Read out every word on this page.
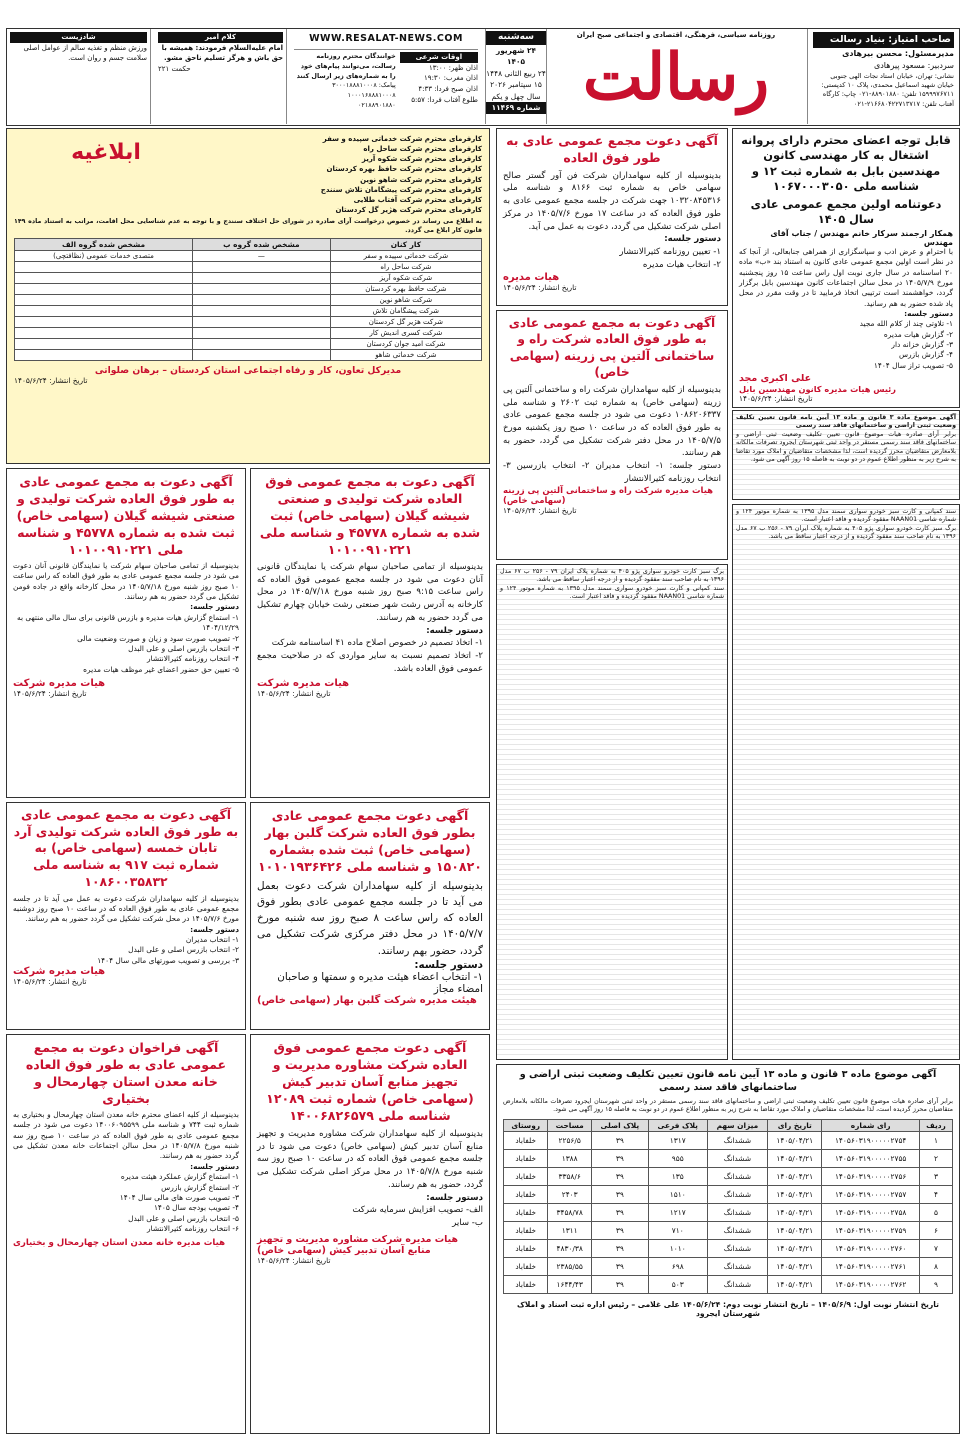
صاحب امتیاز: بنیاد رسالت
مدیرمسئول: محسن بیرهادی
سردبیر: مسعود پیرهادی
نشانی: تهران، خیابان استاد نجات الهی جنوبی خیابان شهید اسماعیل محمدی، پلاک ۱۰ کدپستی: ۱۵۹۹۹۷۶۷۱۱ تلفن: ۸۸۹۰۱۸۸۰-۰۲۱ چاپ: کارگاه آفتاب تلفن: ۲۱۶۶۸۰۴۲۲۷۱۳۷۱۷-۰۲۱
روزنامه سیاسی، فرهنگی، اقتصادی و اجتماعی صبح ایران
رسالت
سه‌شنبه
۲۴ شهریور ۱۴۰۵
۲۴ ربیع الثانی ۱۴۴۸
۱۵ سپتامبر ۲۰۲۶
سال چهل و یکم
شماره ۱۱۴۶۹
WWW.RESALAT-NEWS.COM
اوقات شرعی
اذان ظهر: ۱۳:۰۰
اذان مغرب: ۱۹:۳۰
اذان صبح فردا: ۴:۳۳
طلوع آفتاب فردا: ۵:۵۷
خوانندگان محترم روزنامه رسالت، می‌توانند پیام‌های خود را به شماره‌های زیر ارسال کنند
پیامک: ۳۰۰۰۱۸۸۸۱۰۰۰۸
۱۰۰۰۱۶۸۸۸۱۰۰۰۸
۰۲۱۸۸۹۰۱۸۸۰
کلام امیر
امام علیه‌السلام فرمودند: همیشه با حق باش و هرگز تسلیم ناحق مشو.
حکمت ۲۲۱
شادزیست
ورزش منظم و تغذیه سالم از عوامل اصلی سلامت جسم و روان است.
قابل توجه اعضای محترم دارای پروانه اشتغال به کار مهندسی کانون مهندسین بابل به شماره ثبت ۱۲ و شناسه ملی ۱۰۶۷۰۰۰۳۰۵۰
دعوتنامه اولین مجمع عمومی عادی سال ۱۴۰۵
همکار ارجمند سرکار خانم مهندس / جناب آقای مهندس
با احترام و عرض ادب و سپاسگزاری از همراهی جنابعالی، از آنجا که در نظر است اولین مجمع عمومی عادی کانون به استناد بند «ب» ماده ۲۰ اساسنامه در سال جاری نوبت اول راس ساعت ۱۵ روز پنجشنبه مورخ ۱۴۰۵/۷/۹ در محل سالن اجتماعات کانون مهندسین بابل برگزار گردد، خواهشمند است ترتیبی اتخاذ فرمایید تا در وقت مقرر در محل یاد شده حضور به هم رسانید.
دستور جلسه:
۱- تلاوتی چند از کلام الله مجید
۲- گزارش هیات مدیره
۳- گزارش خزانه دار
۴- گزارش بازرس
۵- تصویب تراز سال ۱۴۰۴
علی اکبری مجد
رئیس هیات مدیره کانون مهندسین بابل
تاریخ انتشار: ۱۴۰۵/۶/۲۴
آگهی موضوع ماده ۳ قانون و ماده ۱۳ آیین نامه قانون تعیین تکلیف وضعیت ثبتی اراضی و ساختمانهای فاقد سند رسمی
برابر آرای صادره هیات موضوع قانون تعیین تکلیف وضعیت ثبتی اراضی و ساختمانهای فاقد سند رسمی مستقر در واحد ثبتی شهرستان ایجرود تصرفات مالکانه بلامعارض متقاضیان محرز گردیده است، لذا مشخصات متقاضیان و املاک مورد تقاضا به شرح زیر به منظور اطلاع عموم در دو نوبت به فاصله ۱۵ روز آگهی می شود.
آگهی دعوت مجمع عمومی عادی به طور فوق العاده
بدینوسیله از کلیه سهامداران شرکت فن آور گستر صالح سهامی خاص به شماره ثبت ۸۱۶۶ و شناسه ملی ۱۰۳۲۰۸۴۵۳۱۶ جهت شرکت در جلسه مجمع عمومی عادی به طور فوق العاده که در ساعت ۱۷ مورخ ۱۴۰۵/۷/۶ در مرکز اصلی شرکت تشکیل می گردد، دعوت به عمل می آید.
دستور جلسه:
۱- تعیین روزنامه کثیرالانتشار
۲- انتخاب هیات مدیره
هیات مدیره
تاریخ انتشار: ۱۴۰۵/۶/۲۴
آگهی دعوت به مجمع عمومی عادی به طور فوق العاده شرکت راه و ساختمانی آلتین پی زرینه (سهامی خاص)
بدینوسیله از کلیه سهامداران شرکت راه و ساختمانی آلتین پی زرینه (سهامی خاص) به شماره ثبت ۲۶۰۲ و شناسه ملی ۱۰۸۶۲۰۶۳۳۷ دعوت می شود در جلسه مجمع عمومی عادی به طور فوق العاده که در ساعت ۱۰ صبح روز یکشنبه مورخ ۱۴۰۵/۷/۵ در محل دفتر شرکت تشکیل می گردد، حضور به هم رسانند.
دستور جلسه: ۱- انتخاب مدیران ۲- انتخاب بازرسین ۳- انتخاب روزنامه کثیرالانتشار
هیات مدیره شرکت راه و ساختمانی آلتین پی زرینه (سهامی خاص)
تاریخ انتشار: ۱۴۰۵/۶/۲۴
کارفرمای محترم شرکت خدماتی سپیده و سفر
کارفرمای محترم شرکت ساحل راه
کارفرمای محترم شرکت شکوه آریز
کارفرمای محترم شرکت حافظ بهره کردستان
کارفرمای محترم شرکت شاهو نوین
کارفرمای محترم شرکت پیشگامان تلاش سنندج
کارفرمای محترم شرکت آفتاب طلایی
کارفرمای محترم شرکت هژیر گل کردستان
ابلاغیه
به اطلاع می رساند در خصوص درخواست آرای صادره در شورای حل اختلاف سنندج و با توجه به عدم شناسایی محل اقامت، مراتب به استناد ماده ۱۴۹ قانون کار ابلاغ می گردد.
کار کنان	مشخص شده گروه ب	مشخص شده گروه الف
شرکت خدماتی سپیده و سفر	—	متصدی خدمات عمومی (نظافتچی)
شرکت ساحل راه		
شرکت شکوه آریز		
شرکت حافظ بهره کردستان		
شرکت شاهو نوین		
شرکت پیشگامان تلاش		
شرکت هژیر گل کردستان		
شرکت کسری اندیش کار		
شرکت امید جوان کردستان		
شرکت خدماتی شاهو		
مدیرکل تعاون، کار و رفاه اجتماعی استان کردستان – برهان صلواتی
تاریخ انتشار: ۱۴۰۵/۶/۲۴
آگهی دعوت به مجمع عمومی عادی به طور فوق العاده شرکت تولیدی و صنعتی شیشه گیلان (سهامی خاص) ثبت شده به شماره ۴۵۷۷۸ و شناسه ملی ۱۰۱۰۰۹۱۰۲۲۱
بدینوسیله از تمامی صاحبان سهام شرکت یا نمایندگان قانونی آنان دعوت می شود در جلسه مجمع عمومی عادی به طور فوق العاده که راس ساعت ۱۰ صبح روز شنبه مورخ ۱۴۰۵/۷/۱۸ در محل کارخانه واقع در جاده فومن تشکیل می گردد حضور به هم رسانند.
دستور جلسه:
۱- استماع گزارش هیات مدیره و بازرس قانونی برای سال مالی منتهی به ۱۴۰۴/۱۲/۲۹
۲- تصویب صورت سود و زیان و صورت وضعیت مالی
۳- انتخاب بازرس اصلی و علی البدل
۴- انتخاب روزنامه کثیرالانتشار
۵- تعیین حق حضور اعضای غیر موظف هیات مدیره
هیات مدیره شرکت
تاریخ انتشار: ۱۴۰۵/۶/۲۴
آگهی دعوت به مجمع عمومی فوق العاده شرکت تولیدی و صنعتی شیشه گیلان (سهامی خاص) ثبت شده به شماره ۴۵۷۷۸ و شناسه ملی ۱۰۱۰۰۹۱۰۲۲۱
بدینوسیله از تمامی صاحبان سهام شرکت یا نمایندگان قانونی آنان دعوت می شود در جلسه مجمع عمومی فوق العاده که راس ساعت ۹:۱۵ صبح روز شنبه مورخ ۱۴۰۵/۷/۱۸ در محل کارخانه به آدرس رشت شهر صنعتی رشت خیابان چهارم تشکیل می گردد حضور به هم رسانند.
دستور جلسه:
۱- اتخاذ تصمیم در خصوص اصلاح ماده ۴۱ اساسنامه شرکت
۲- اتخاذ تصمیم نسبت به سایر مواردی که در صلاحیت مجمع عمومی فوق العاده باشد.
هیات مدیره شرکت
تاریخ انتشار: ۱۴۰۵/۶/۲۴
برگ سبز کارت خودرو سواری پژو ۴۰۵ به شماره پلاک ایران ۷۹ - ۲۵۶ ب ۶۷ مدل ۱۳۹۶ به نام صاحب سند مفقود گردیده و از درجه اعتبار ساقط می باشد.
سند کمپانی و کارت سبز خودرو سواری سمند مدل ۱۳۹۵ به شماره موتور ۱۲۴ و شماره شاسی NAAN01 مفقود گردیده و فاقد اعتبار است.
سند کمپانی و کارت سبز خودرو سواری سمند مدل ۱۳۹۵ به شماره موتور ۱۲۴ و شماره شاسی NAAN01 مفقود گردیده و فاقد اعتبار است.
برگ سبز کارت خودرو سواری پژو ۴۰۵ به شماره پلاک ایران ۷۹ - ۲۵۶ ب ۶۷ مدل ۱۳۹۶ به نام صاحب سند مفقود گردیده و از درجه اعتبار ساقط می باشد.
آگهی دعوت به مجمع عمومی عادی به طور فوق العاده شرکت تولیدی آرد تابان خمسه (سهامی خاص) به شماره ثبت ۹۱۷ به شناسه ملی ۱۰۸۶۰۰۳۵۸۳۲
بدینوسیله از کلیه سهامداران شرکت دعوت به عمل می آید تا در جلسه مجمع عمومی عادی به طور فوق العاده که در ساعت ۱۰ صبح روز دوشنبه مورخ ۱۴۰۵/۷/۶ در محل شرکت تشکیل می گردد حضور به هم رسانند.
دستور جلسه:
۱- انتخاب مدیران
۲- انتخاب بازرس اصلی و علی البدل
۳- بررسی و تصویب صورتهای مالی سال ۱۴۰۴
هیات مدیره شرکت
تاریخ انتشار: ۱۴۰۵/۶/۲۴
آگهی دعوت مجمع عمومی عادی بطور فوق العاده شرکت گلبن بهار (سهامی خاص) ثبت شده بشماره ۱۵۰۸۲۰ و شناسه ملی ۱۰۱۰۱۹۳۶۴۲۶
بدینوسیله از کلیه سهامداران شرکت دعوت بعمل می آید تا در جلسه مجمع عمومی عادی بطور فوق العاده که راس ساعت ۸ صبح روز سه شنبه مورخ ۱۴۰۵/۷/۷ در محل دفتر مرکزی شرکت تشکیل می گردد، حضور بهم رسانند.
دستور جلسه:
۱- انتخاب اعضاء هیئت مدیره و سمتها و صاحبان امضاء مجاز
هیئت مدیره شرکت گلبن بهار (سهامی خاص)
آگهی فراخوان دعوت به مجمع عمومی عادی به طور فوق العاده خانه معدن استان چهارمحال و بختیاری
بدینوسیله از کلیه اعضای محترم خانه معدن استان چهارمحال و بختیاری به شماره ثبت ۷۴۴ و شناسه ملی ۱۴۰۰۶۰۹۵۵۹۹ دعوت می شود در جلسه مجمع عمومی عادی به طور فوق العاده که در ساعت ۱۰ صبح روز سه شنبه مورخ ۱۴۰۵/۷/۸ در محل سالن اجتماعات خانه معدن تشکیل می گردد حضور به هم رسانند.
دستور جلسه:
۱- استماع گزارش عملکرد هیئت مدیره
۲- استماع گزارش بازرس
۳- تصویب صورت های مالی سال ۱۴۰۴
۴- تصویب بودجه سال ۱۴۰۵
۵- انتخاب بازرس اصلی و علی البدل
۶- انتخاب روزنامه کثیرالانتشار
هیات مدیره خانه معدن استان چهارمحال و بختیاری
آگهی دعوت مجمع عمومی فوق العاده شرکت مشاوره مدیریت و تجهیز منابع آسان تدبیر کیش (سهامی خاص) شماره ثبت ۱۲۰۸۹ شناسه ملی ۱۴۰۰۶۸۲۶۵۷۹
بدینوسیله از کلیه سهامداران شرکت مشاوره مدیریت و تجهیز منابع آسان تدبیر کیش (سهامی خاص) دعوت می شود تا در جلسه مجمع عمومی فوق العاده که در ساعت ۱۰ صبح روز سه شنبه مورخ ۱۴۰۵/۷/۸ در محل مرکز اصلی شرکت تشکیل می گردد، حضور به هم رسانند.
دستور جلسه:
الف- تصویب افزایش سرمایه شرکت
ب- سایر
هیات مدیره شرکت مشاوره مدیریت و تجهیز منابع آسان تدبیر کیش (سهامی خاص)
تاریخ انتشار: ۱۴۰۵/۶/۲۴
آگهی موضوع ماده ۳ قانون و ماده ۱۳ آیین نامه قانون تعیین تکلیف وضعیت ثبتی اراضی و ساختمانهای فاقد سند رسمی
برابر آرای صادره هیات موضوع قانون تعیین تکلیف وضعیت ثبتی اراضی و ساختمانهای فاقد سند رسمی مستقر در واحد ثبتی شهرستان ایجرود تصرفات مالکانه بلامعارض متقاضیان محرز گردیده است، لذا مشخصات متقاضیان و املاک مورد تقاضا به شرح زیر به منظور اطلاع عموم در دو نوبت به فاصله ۱۵ روز آگهی می شود.
ردیف	رای شماره	تاریخ رای	میزان سهم	پلاک فرعی	پلاک اصلی	مساحت	روستای
۱	۱۴۰۵۶۰۳۱۹۰۰۰۰۰۲۷۵۴	۱۴۰۵/۰۴/۲۱	ششدانگ	۱۳۱۷	۳۹	۲۲۵۶/۵	خلفاباد
۲	۱۴۰۵۶۰۳۱۹۰۰۰۰۰۲۷۵۵	۱۴۰۵/۰۴/۲۱	ششدانگ	۹۵۵	۳۹	۱۳۸۸	خلفاباد
۳	۱۴۰۵۶۰۳۱۹۰۰۰۰۰۲۷۵۶	۱۴۰۵/۰۴/۲۱	ششدانگ	۱۳۵	۳۹	۳۳۵۸/۶	خلفاباد
۴	۱۴۰۵۶۰۳۱۹۰۰۰۰۰۲۷۵۷	۱۴۰۵/۰۴/۲۱	ششدانگ	۱۵۱۰	۳۹	۲۴۰۳	خلفاباد
۵	۱۴۰۵۶۰۳۱۹۰۰۰۰۰۲۷۵۸	۱۴۰۵/۰۴/۲۱	ششدانگ	۱۲۱۷	۳۹	۳۴۵۸/۷۸	خلفاباد
۶	۱۴۰۵۶۰۳۱۹۰۰۰۰۰۲۷۵۹	۱۴۰۵/۰۴/۲۱	ششدانگ	۷۱۰	۳۹	۱۳۱۱	خلفاباد
۷	۱۴۰۵۶۰۳۱۹۰۰۰۰۰۲۷۶۰	۱۴۰۵/۰۴/۲۱	ششدانگ	۱۰۱۰	۳۹	۴۸۳۰/۳۸	خلفاباد
۸	۱۴۰۵۶۰۳۱۹۰۰۰۰۰۲۷۶۱	۱۴۰۵/۰۴/۲۱	ششدانگ	۶۹۸	۳۹	۲۳۸۵/۵۵	خلفاباد
۹	۱۴۰۵۶۰۳۱۹۰۰۰۰۰۲۷۶۲	۱۴۰۵/۰۴/۲۱	ششدانگ	۵۰۳	۳۹	۱۶۴۴/۴۳	خلفاباد
تاریخ انتشار نوبت اول: ۱۴۰۵/۶/۹ – تاریخ انتشار نوبت دوم: ۱۴۰۵/۶/۲۴ علی غلامی – رئیس اداره ثبت اسناد و املاک شهرستان ایجرود
